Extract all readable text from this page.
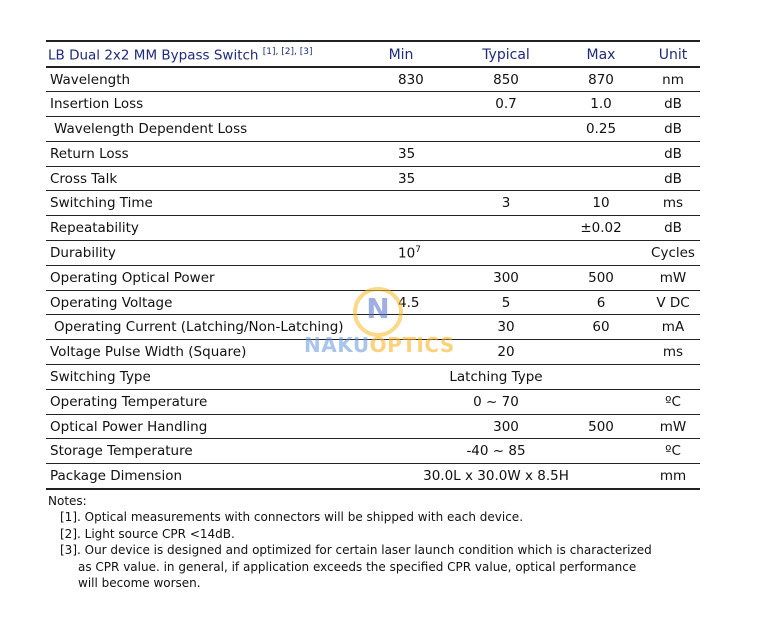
LB Dual 2x2 MM Bypass Switch [1], [2], [3]	Min	Typical	Max	Unit
Wavelength	830	850	870	nm
Insertion Loss		0.7	1.0	dB
Wavelength Dependent Loss			0.25	dB
Return Loss	35			dB
Cross Talk	35			dB
Switching Time		3	10	ms
Repeatability			±0.02	dB
Durability	$10^7$			Cycles
Operating Optical Power		300	500	mW
Operating Voltage	4.5	5	6	V DC
Operating Current (Latching/Non-Latching)		30	60	mA
Voltage Pulse Width (Square)		20		ms
Switching Type	Latching Type			
Operating Temperature	0 ~ 70			ºC
Optical Power Handling		300	500	mW
Storage Temperature	-40 ~ 85			ºC
Package Dimension	30.0L x 30.0W x 8.5H			mm
Notes:
[1]. Optical measurements with connectors will be shipped with each device.
[2]. Light source CPR <14dB.
[3]. Our device is designed and optimized for certain laser launch condition which is characterized
as CPR value. in general, if application exceeds the specified CPR value, optical performance
will become worsen.
N
NAKUOPTICS
